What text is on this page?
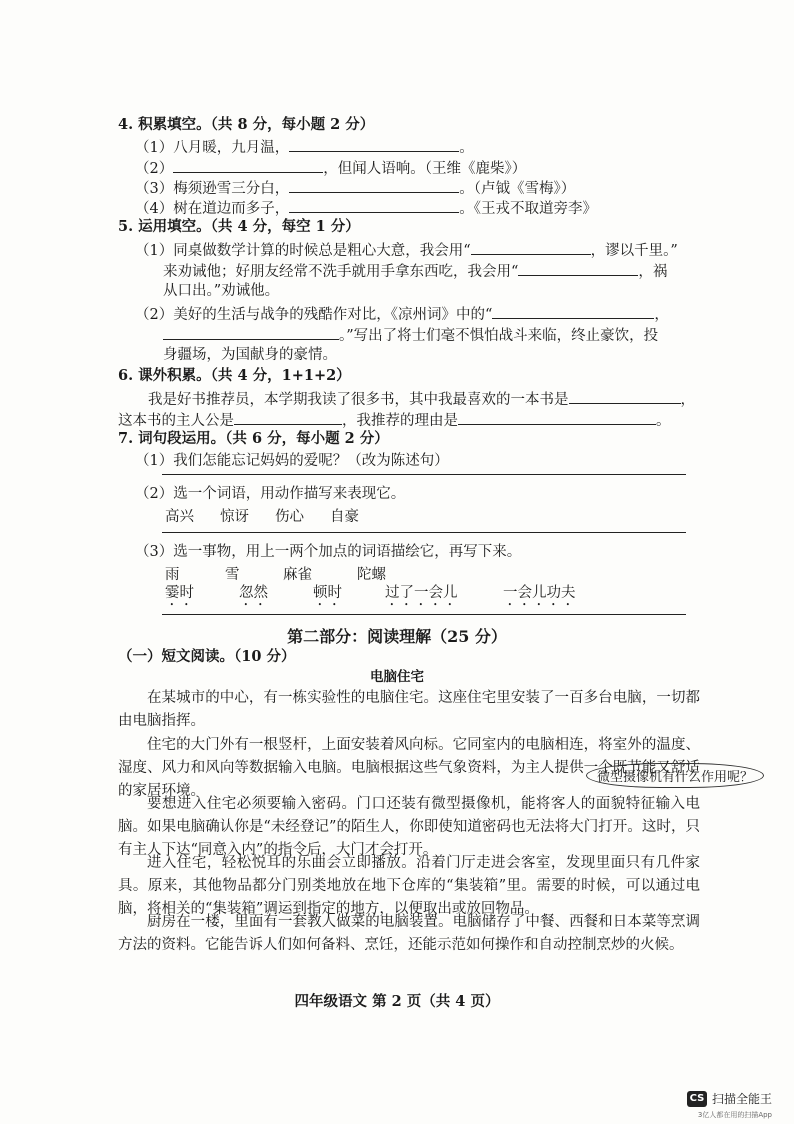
4. 积累填空。（共 8 分，每小题 2 分）
（1）八月暖，九月温，	。
（2）	，但闻人语响。（王维《鹿柴》）
（3）梅须逊雪三分白，	。（卢钺《雪梅》）
（4）树在道边而多子，	。《王戎不取道旁李》
5. 运用填空。（共 4 分，每空 1 分）
（1）同桌做数学计算的时候总是粗心大意，我会用“	，谬以千里。”
来劝诫他；好朋友经常不洗手就用手拿东西吃，我会用“	，祸
从口出。”劝诫他。
（2）美好的生活与战争的残酷作对比，《凉州词》中的“	，
。”写出了将士们毫不惧怕战斗来临，终止豪饮，投
身疆场，为国献身的豪情。
6. 课外积累。（共 4 分，1+1+2）
我是好书推荐员，本学期我读了很多书，其中我最喜欢的一本书是	，
这本书的主人公是	，我推荐的理由是	。
7. 词句段运用。（共 6 分，每小题 2 分）
（1）我们怎能忘记妈妈的爱呢？（改为陈述句）
（2）选一个词语，用动作描写来表现它。
高兴 惊讶 伤心 自豪
（3）选一事物，用上一两个加点的词语描绘它，再写下来。
雨	雪	麻雀	陀螺
霎时	忽然	顿时	过了一会儿	一会儿功夫
第二部分：阅读理解（25 分）
（一）短文阅读。（10 分）
电脑住宅
在某城市的中心，有一栋实验性的电脑住宅。这座住宅里安装了一百多台电脑，一切都由电脑指挥。
住宅的大门外有一根竖杆，上面安装着风向标。它同室内的电脑相连，将室外的温度、湿度、风力和风向等数据输入电脑。电脑根据这些气象资料，为主人提供一个既节能又舒适的家居环境。
微型摄像机有什么作用呢？
要想进入住宅必须要输入密码。门口还装有微型摄像机，能将客人的面貌特征输入电脑。如果电脑确认你是“未经登记”的陌生人，你即使知道密码也无法将大门打开。这时，只有主人下达“同意入内”的指令后，大门才会打开。
进入住宅，轻松悦耳的乐曲会立即播放。沿着门厅走进会客室，发现里面只有几件家具。原来，其他物品都分门别类地放在地下仓库的“集装箱”里。需要的时候，可以通过电脑，将相关的“集装箱”调运到指定的地方，以便取出或放回物品。
厨房在一楼，里面有一套教人做菜的电脑装置。电脑储存了中餐、西餐和日本菜等烹调方法的资料。它能告诉人们如何备料、烹饪，还能示范如何操作和自动控制烹炒的火候。
四年级语文 第 2 页（共 4 页）
CS 扫描全能王
3亿人都在用的扫描App
